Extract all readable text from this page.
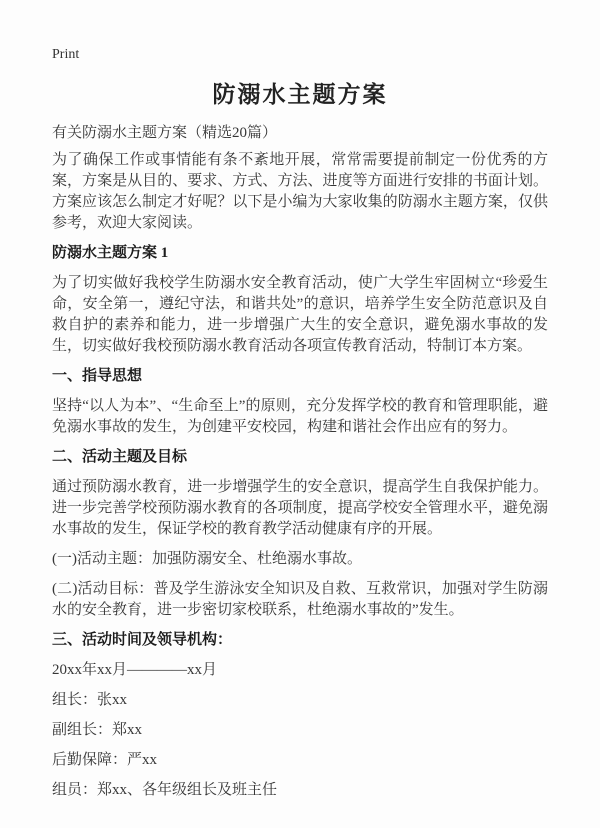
Print
防溺水主题方案
有关防溺水主题方案（精选20篇）

为了确保工作或事情能有条不紊地开展，常常需要提前制定一份优秀的方案，方案是从目的、要求、方式、方法、进度等方面进行安排的书面计划。方案应该怎么制定才好呢？以下是小编为大家收集的防溺水主题方案，仅供参考，欢迎大家阅读。

防溺水主题方案 1

为了切实做好我校学生防溺水安全教育活动，使广大学生牢固树立“珍爱生命，安全第一，遵纪守法，和谐共处”的意识，培养学生安全防范意识及自救自护的素养和能力，进一步增强广大生的安全意识，避免溺水事故的发生，切实做好我校预防溺水教育活动各项宣传教育活动，特制订本方案。

一、指导思想

坚持“以人为本”、“生命至上”的原则，充分发挥学校的教育和管理职能，避免溺水事故的发生，为创建平安校园，构建和谐社会作出应有的努力。

二、活动主题及目标

通过预防溺水教育，进一步增强学生的安全意识，提高学生自我保护能力。进一步完善学校预防溺水教育的各项制度，提高学校安全管理水平，避免溺水事故的发生，保证学校的教育教学活动健康有序的开展。

(一)活动主题：加强防溺安全、杜绝溺水事故。

(二)活动目标：普及学生游泳安全知识及自救、互救常识，加强对学生防溺水的安全教育，进一步密切家校联系，杜绝溺水事故的”发生。

三、活动时间及领导机构：

20xx年xx月————xx月

组长：张xx

副组长：郑xx

后勤保障：严xx

组员：郑xx、各年级组长及班主任
